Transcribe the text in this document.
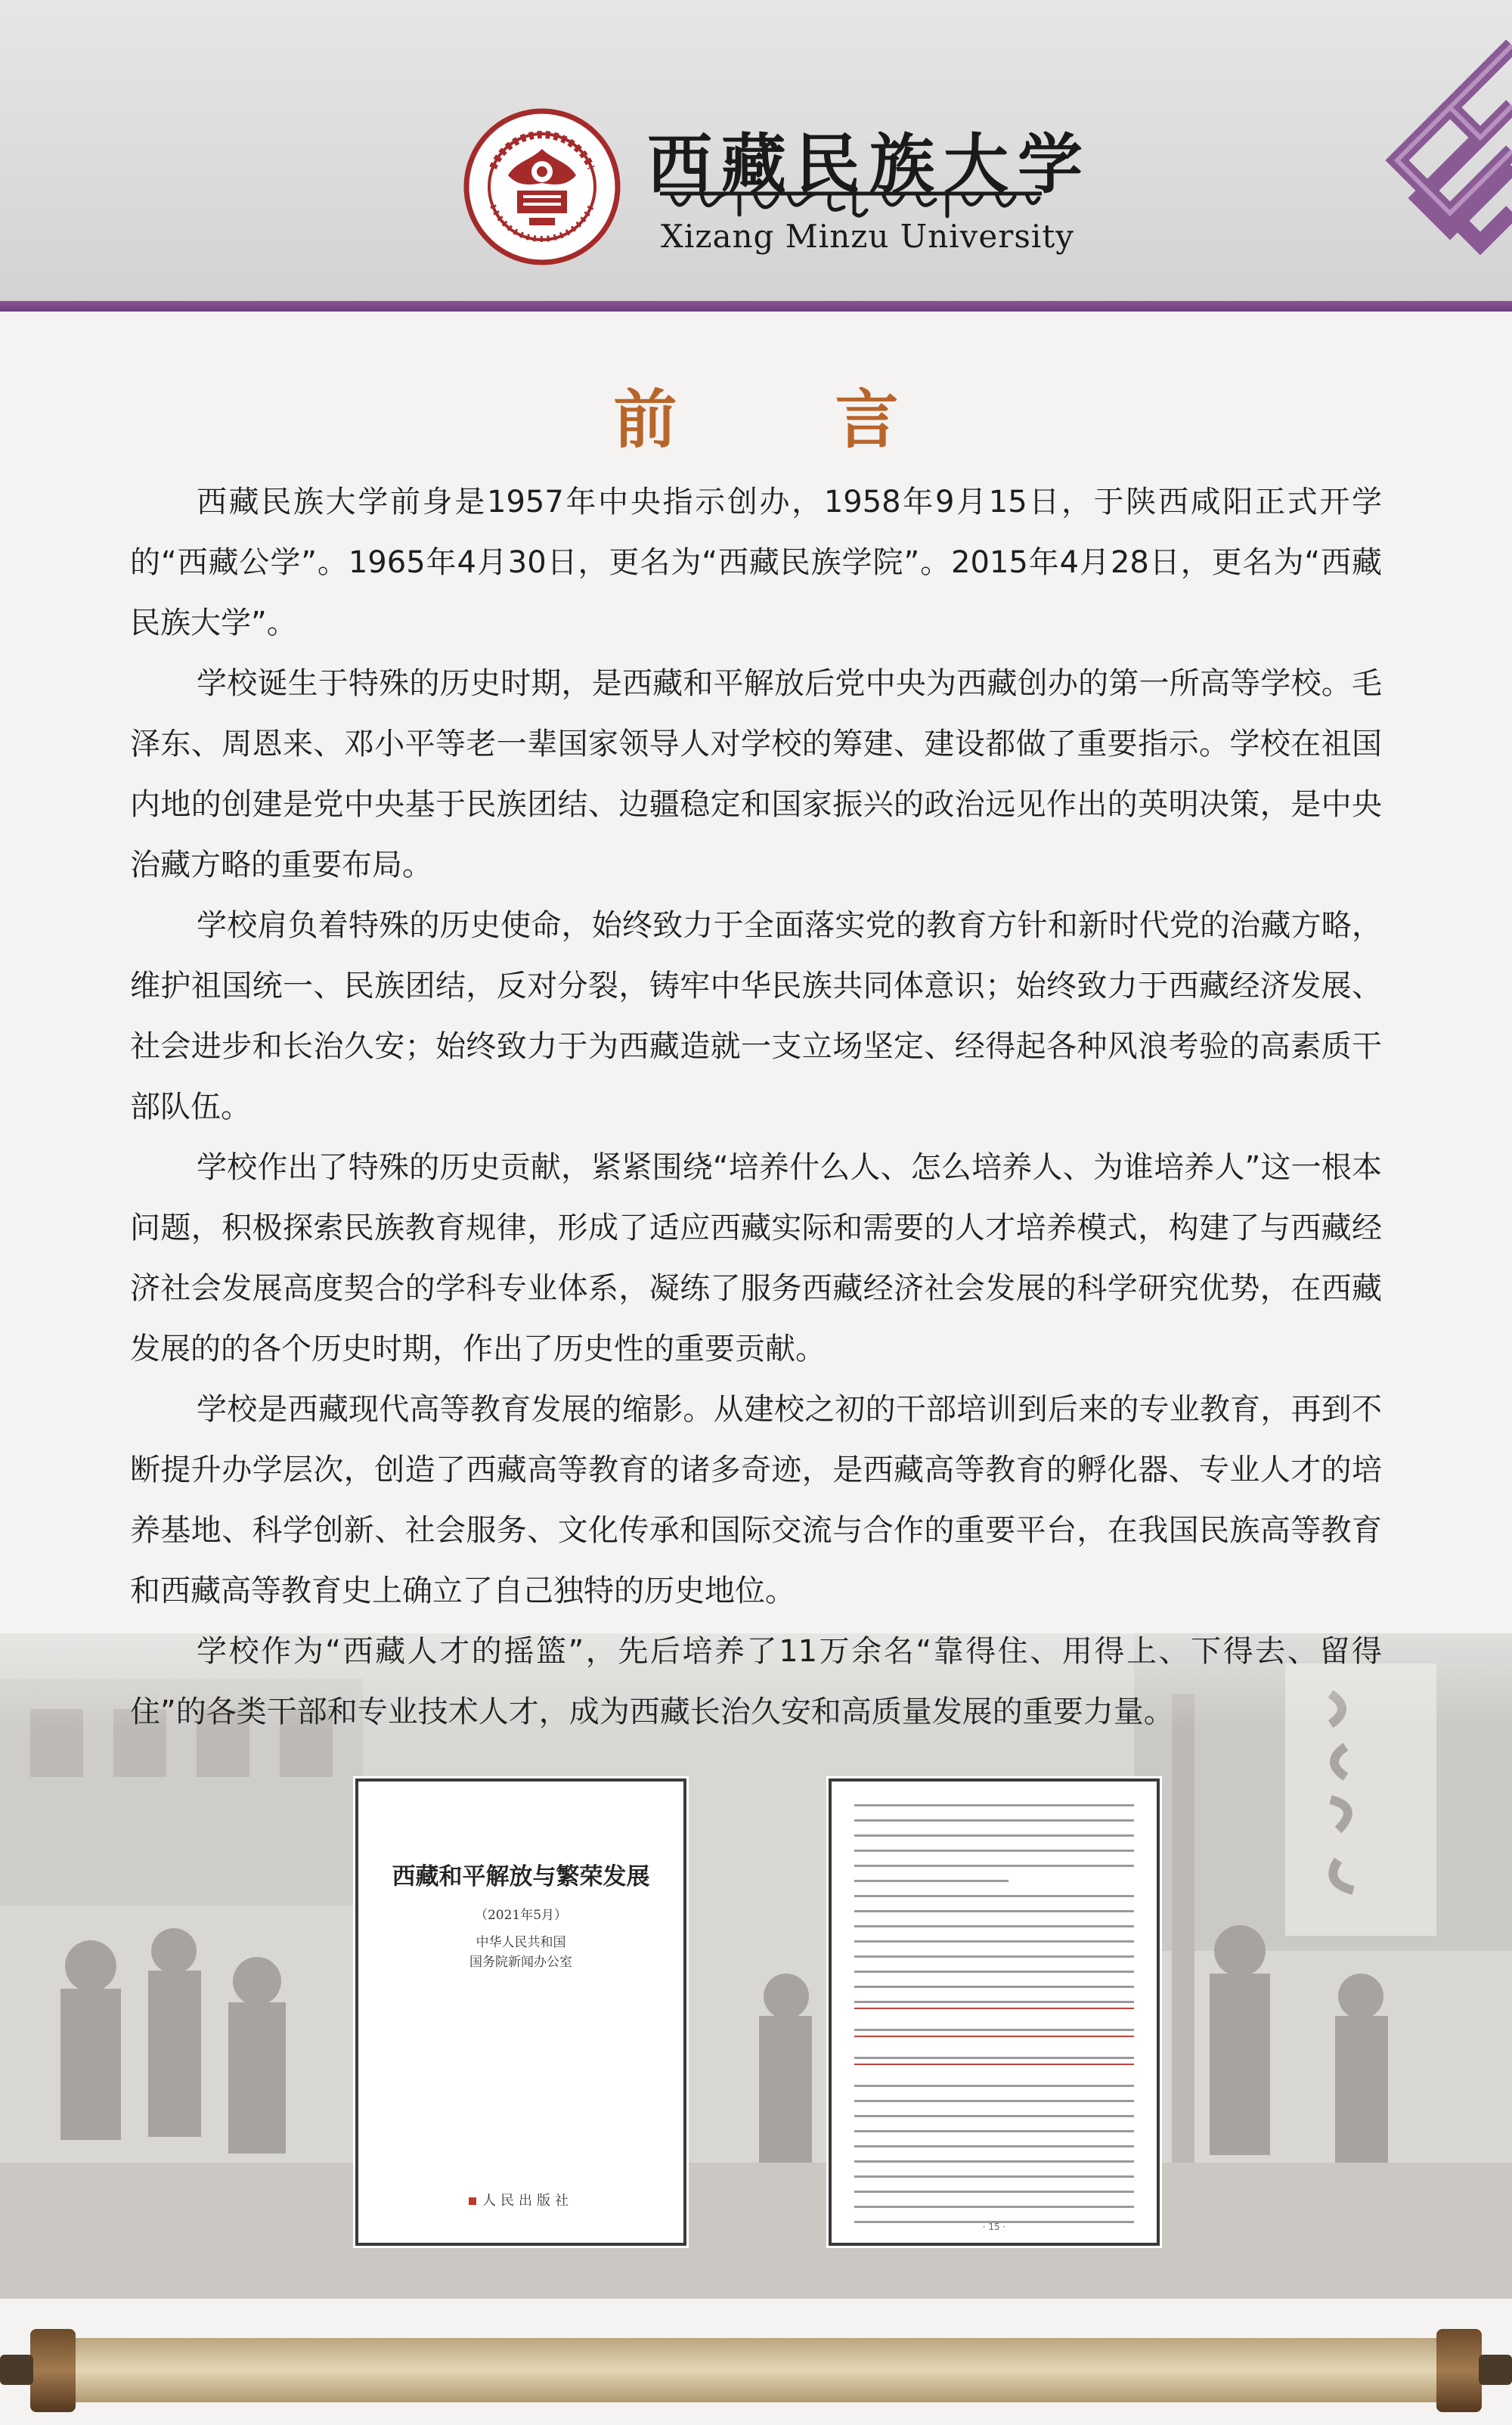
西藏民族大学
Xizang Minzu University
前 言

西藏民族大学前身是1957年中央指示创办，1958年9月15日，于陕西咸阳正式开学的“西藏公学”。1965年4月30日，更名为“西藏民族学院”。2015年4月28日，更名为“西藏民族大学”。

学校诞生于特殊的历史时期，是西藏和平解放后党中央为西藏创办的第一所高等学校。毛泽东、周恩来、邓小平等老一辈国家领导人对学校的筹建、建设都做了重要指示。学校在祖国内地的创建是党中央基于民族团结、边疆稳定和国家振兴的政治远见作出的英明决策，是中央治藏方略的重要布局。

学校肩负着特殊的历史使命，始终致力于全面落实党的教育方针和新时代党的治藏方略，维护祖国统一、民族团结，反对分裂，铸牢中华民族共同体意识；始终致力于西藏经济发展、社会进步和长治久安；始终致力于为西藏造就一支立场坚定、经得起各种风浪考验的高素质干部队伍。

学校作出了特殊的历史贡献，紧紧围绕“培养什么人、怎么培养人、为谁培养人”这一根本问题，积极探索民族教育规律，形成了适应西藏实际和需要的人才培养模式，构建了与西藏经济社会发展高度契合的学科专业体系，凝练了服务西藏经济社会发展的科学研究优势，在西藏发展的的各个历史时期，作出了历史性的重要贡献。

学校是西藏现代高等教育发展的缩影。从建校之初的干部培训到后来的专业教育，再到不断提升办学层次，创造了西藏高等教育的诸多奇迹，是西藏高等教育的孵化器、专业人才的培养基地、科学创新、社会服务、文化传承和国际交流与合作的重要平台，在我国民族高等教育和西藏高等教育史上确立了自己独特的历史地位。

学校作为“西藏人才的摇篮”，先后培养了11万余名“靠得住、用得上、下得去、留得住”的各类干部和专业技术人才，成为西藏长治久安和高质量发展的重要力量。

西藏和平解放与繁荣发展
（2021年5月）
中华人民共和国
国务院新闻办公室
人民出版社
· 15 ·
